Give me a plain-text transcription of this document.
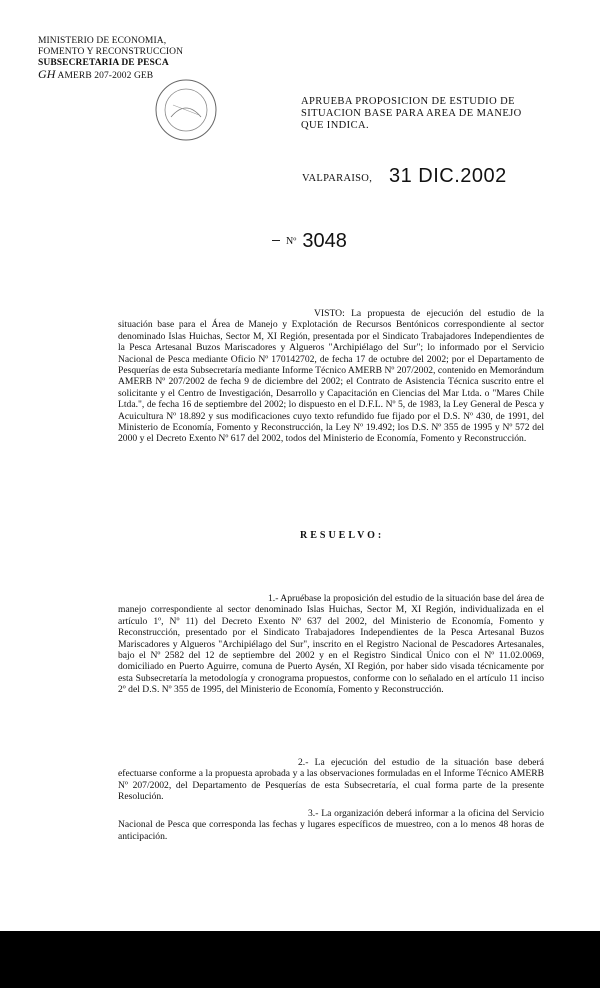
MINISTERIO DE ECONOMIA,
FOMENTO Y RECONSTRUCCION
SUBSECRETARIA DE PESCA
GH AMERB 207-2002 GEB
APRUEBA PROPOSICION DE ESTUDIO DE SITUACION BASE PARA AREA DE MANEJO QUE INDICA.
VALPARAISO, 31 DIC.2002
Nº 3048
VISTO: La propuesta de ejecución del estudio de la situación base para el Área de Manejo y Explotación de Recursos Bentónicos correspondiente al sector denominado Islas Huichas, Sector M, XI Región, presentada por el Sindicato Trabajadores Independientes de la Pesca Artesanal Buzos Mariscadores y Algueros "Archipiélago del Sur"; lo informado por el Servicio Nacional de Pesca mediante Oficio Nº 170142702, de fecha 17 de octubre del 2002; por el Departamento de Pesquerías de esta Subsecretaría mediante Informe Técnico AMERB Nº 207/2002, contenido en Memorándum AMERB Nº 207/2002 de fecha 9 de diciembre del 2002; el Contrato de Asistencia Técnica suscrito entre el solicitante y el Centro de Investigación, Desarrollo y Capacitación en Ciencias del Mar Ltda. o "Mares Chile Ltda.", de fecha 16 de septiembre del 2002; lo dispuesto en el D.F.L. Nº 5, de 1983, la Ley General de Pesca y Acuicultura Nº 18.892 y sus modificaciones cuyo texto refundido fue fijado por el D.S. Nº 430, de 1991, del Ministerio de Economía, Fomento y Reconstrucción, la Ley Nº 19.492; los D.S. Nº 355 de 1995 y Nº 572 del 2000 y el Decreto Exento Nº 617 del 2002, todos del Ministerio de Economía, Fomento y Reconstrucción.
RESUELVO:
1.- Apruébase la proposición del estudio de la situación base del área de manejo correspondiente al sector denominado Islas Huichas, Sector M, XI Región, individualizada en el artículo 1º, Nº 11) del Decreto Exento Nº 637 del 2002, del Ministerio de Economía, Fomento y Reconstrucción, presentado por el Sindicato Trabajadores Independientes de la Pesca Artesanal Buzos Mariscadores y Algueros "Archipiélago del Sur", inscrito en el Registro Nacional de Pescadores Artesanales, bajo el Nº 2582 del 12 de septiembre del 2002 y en el Registro Sindical Único con el Nº 11.02.0069, domiciliado en Puerto Aguirre, comuna de Puerto Aysén, XI Región, por haber sido visada técnicamente por esta Subsecretaría la metodología y cronograma propuestos, conforme con lo señalado en el artículo 11 inciso 2º del D.S. Nº 355 de 1995, del Ministerio de Economía, Fomento y Reconstrucción.
2.- La ejecución del estudio de la situación base deberá efectuarse conforme a la propuesta aprobada y a las observaciones formuladas en el Informe Técnico AMERB Nº 207/2002, del Departamento de Pesquerías de esta Subsecretaría, el cual forma parte de la presente Resolución.
3.- La organización deberá informar a la oficina del Servicio Nacional de Pesca que corresponda las fechas y lugares específicos de muestreo, con a lo menos 48 horas de anticipación.
